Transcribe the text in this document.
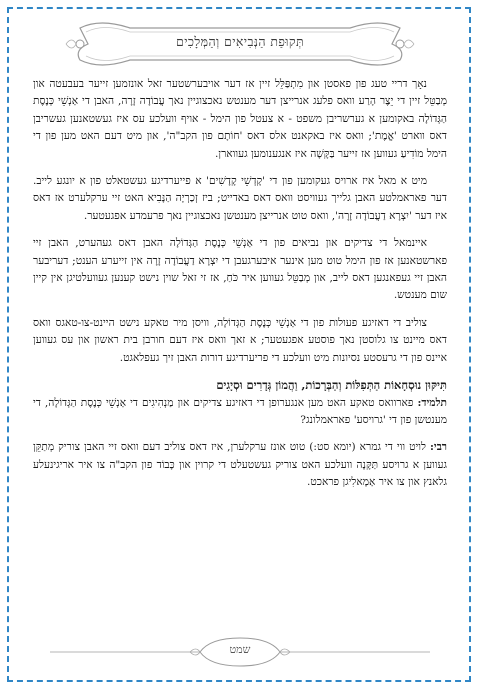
תְּקוּפַת הַנְּבִיאִים וְהַמְּלָכִים

נאָך דריי טעג פון פאסטן און מִתְפַּלֵּל זיין אז דער אויבערשטער זאל אונזמען זייער בעבעטה און מְבַטֵּל זיין די יֵצֶר הָרַע וואס פלעג אנרייצן דער מענטש נאכצוגיין נאך עֲבוֹדָה זָרָה, האבן די אַנְשֵׁי כְּנֶסֶת הַגְּדוֹלָה באקומען א גערשריבן משפט - א צעטל פון הימל - אויף וועלכע עס איז געשטאנען געשריבן דאס ווארט 'אֱמֶת'; וואס איז באקאנט אלס דאס 'חוֹתָם פון הקב"ה', און מיט דעם האט מען פון די הימל מוֹדִיעַ געווען אז זייער בַּקָּשָׁה איז אנגענומען געווארן.

מיט א מאל איז ארויס געקומען פון די 'קָדְשֵׁי קָדָשִׁים' א פייערדיגע געשטאלט פון א יונגע לייב. דער פאראמלטע האבן גלייך געוויסט וואס דאס באדייט; ביז זְכַרְיָה הַנָּבִיא האט זיי ערקלערט אז דאס איז דער 'יִצְרָא דַעֲבוֹדָה זָרָה', וואס טוט אנרייצן מענטשן נאכצוגיין נאך פרעמדע אפגעטער.

איינמאל די צדיקים און נביאים פון די אַנְשֵׁי כְּנֶסֶת הַגְּדוֹלָה האבן דאס געהערט, האבן זיי פארשטאנען אז פון הימל טוט מען אינער איבערגעבן די יִצְרָא דַעֲבוֹדָה זָרָה אין זייערע הענט; דעריבער האבן זיי געפאנגען דאס לייב, און מְבַטֵּל געווען איר כֹּחַ, אז זי זאל שוין נישט קענען געוועלטיגן אין קיין שום מענטש.

צוליב די דאזיגע פעולות פון די אַנְשֵׁי כְּנֶסֶת הַגְּדוֹלָה, וויסן מיר טאקע נישט היינט-צו-טאגס וואס דאס מיינט צו גלוסטן נאך פוסטע אפגעטער; א זאך וואס איז דעם חורבן בית ראשון און עס געווען איינס פון די גרעסטע נסיונות מיט וועלכע די פריערדיגע דורות האבן זיך געפלאגט.

תִּיקּוּן נוּסְחָאוֹת הַתְּפִלּוֹת וְהַבְּרָכוֹת, וַהֲמוֹן גְּדָרִים וּסְיָגִים

תלמיד: פארוואס טאקע האט מען אנגערופן די דאזיגע צדיקים און מַנְהִיגִים די אַנְשֵׁי כְּנֶסֶת הַגְּדוֹלָה, די מענטשן פון די 'גרויסע' פאראמלונג?

רבי: לויט ווי די גמרא (יומא סט:) טוט אונז ערקלערן, איז דאס צוליב דעם וואס זיי האבן צוריק מְתַקֵּן געווען א גרויסע תַּקָּנָה וועלכע האט צוריק געשטעלט די קרוין און כָּבוֹד פון הקב"ה צו איר אריגינעלע גלאנץ און צו איר אַמָאלִיגן פראכט.

שמט
